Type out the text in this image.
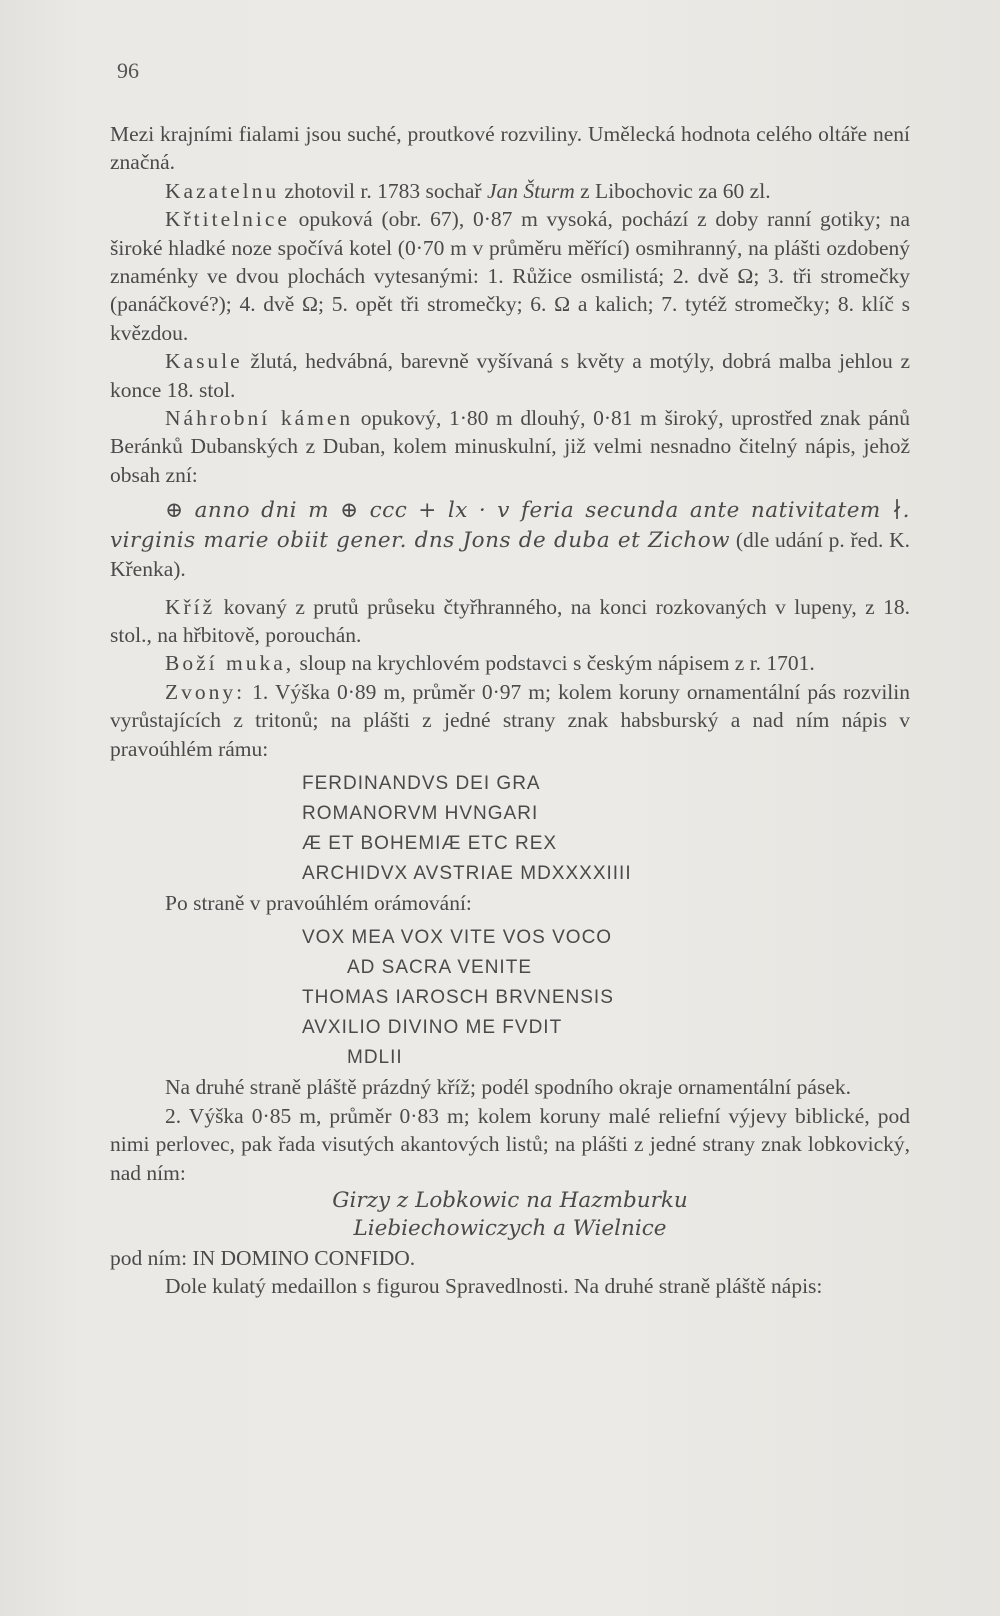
96

Mezi krajními fialami jsou suché, proutkové rozviliny. Umělecká hodnota celého oltáře není značná.

Kazatelnu zhotovil r. 1783 sochař Jan Šturm z Libochovic za 60 zl.

Křtitelnice opuková (obr. 67), 0·87 m vysoká, pochází z doby ranní gotiky; na široké hladké noze spočívá kotel (0·70 m v průměru měřící) osmihranný, na plášti ozdobený znaménky ve dvou plochách vytesanými: 1. Růžice osmilistá; 2. dvě Ω; 3. tři stromečky (panáčkové?); 4. dvě Ω; 5. opět tři stromečky; 6. Ω a kalich; 7. tytéž stromečky; 8. klíč s kvězdou.

Kasule žlutá, hedvábná, barevně vyšívaná s květy a motýly, dobrá malba jehlou z konce 18. stol.

Náhrobní kámen opukový, 1·80 m dlouhý, 0·81 m široký, uprostřed znak pánů Beránků Dubanských z Duban, kolem minuskulní, již velmi nesnadno čitelný nápis, jehož obsah zní:

⊕ anno dni m ⊕ ccc + lx · v feria secunda ante nativitatem ∤. virginis marie obiit gener. dns Jons de duba et Zichow (dle udání p. řed. K. Křenka).

Kříž kovaný z prutů průseku čtyřhranného, na konci rozkovaných v lupeny, z 18. stol., na hřbitově, porouchán.

Boží muka, sloup na krychlovém podstavci s českým nápisem z r. 1701.

Zvony: 1. Výška 0·89 m, průměr 0·97 m; kolem koruny ornamentální pás rozvilin vyrůstajících z tritonů; na plášti z jedné strany znak habsburský a nad ním nápis v pravoúhlém rámu:

FERDINANDVS DEI GRA
ROMANORVM HVNGARI
Æ ET BOHEMIÆ ETC REX
ARCHIDVX AVSTRIAE MDXXXXIIII

Po straně v pravoúhlém orámování:

VOX MEA VOX VITE VOS VOCO
AD SACRA VENITE
THOMAS IAROSCH BRVNENSIS
AVXILIO DIVINO ME FVDIT
MDLII

Na druhé straně pláště prázdný kříž; podél spodního okraje ornamentální pásek.

2. Výška 0·85 m, průměr 0·83 m; kolem koruny malé reliefní výjevy biblické, pod nimi perlovec, pak řada visutých akantových listů; na plášti z jedné strany znak lobkovický, nad ním:

Girzy z Lobkowic na Hazmburku
Liebiechowiczych a Wielnice

pod ním: IN DOMINO CONFIDO.

Dole kulatý medaillon s figurou Spravedlnosti. Na druhé straně pláště nápis:
